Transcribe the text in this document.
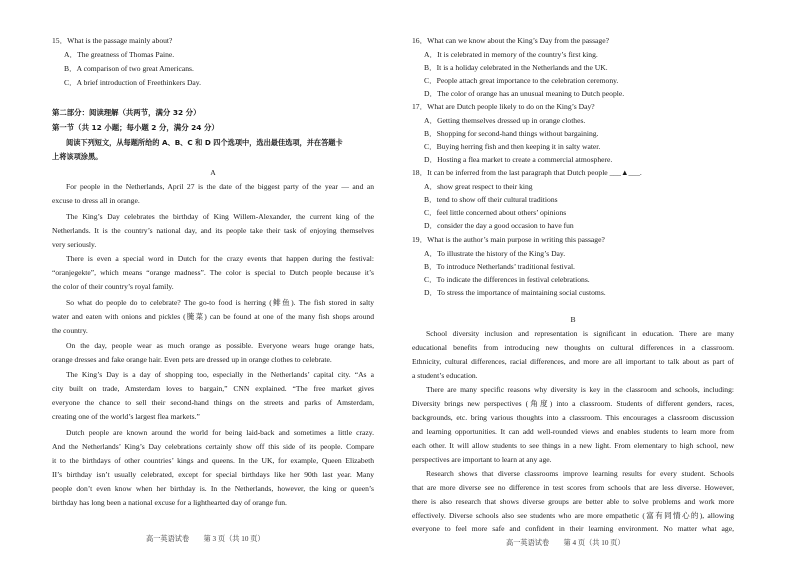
15．What is the passage mainly about?
A．The greatness of Thomas Paine.
B．A comparison of two great Americans.
C．A brief introduction of Freethinkers Day.
第二部分：阅读理解（共两节，满分 32 分）
第一节（共 12 小题；每小题 2 分，满分 24 分）
阅读下列短文，从每题所给的 A、B、C 和 D 四个选项中，选出最佳选项，并在答题卡
上将该项涂黑。
A
For people in the Netherlands, April 27 is the date of the biggest party of the year — and an
excuse to dress all in orange.
The King’s Day celebrates the birthday of King Willem-Alexander, the current king of the
Netherlands. It is the country’s national day, and its people take their task of enjoying themselves
very seriously.
There is even a special word in Dutch for the crazy events that happen during the festival:
“oranjegekte”, which means “orange madness”. The color is special to Dutch people because it’s
the color of their country’s royal family.
So what do people do to celebrate? The go-to food is herring (鲱鱼). The fish stored in salty
water and eaten with onions and pickles (腌菜) can be found at one of the many fish shops around
the country.
On the day, people wear as much orange as possible. Everyone wears huge orange hats,
orange dresses and fake orange hair. Even pets are dressed up in orange clothes to celebrate.
The King’s Day is a day of shopping too, especially in the Netherlands’ capital city. “As a
city built on trade, Amsterdam loves to bargain,” CNN explained. “The free market gives
everyone the chance to sell their second-hand things on the streets and parks of Amsterdam,
creating one of the world’s largest flea markets.”
Dutch people are known around the world for being laid-back and sometimes a little crazy.
And the Netherlands’ King’s Day celebrations certainly show off this side of its people. Compare
it to the birthdays of other countries’ kings and queens. In the UK, for example, Queen Elizabeth
II’s birthday isn’t usually celebrated, except for special birthdays like her 90th last year. Many
people don’t even know when her birthday is. In the Netherlands, however, the king or queen’s
birthday has long been a national excuse for a lighthearted day of orange fun.
高一英语试卷　　第 3 页（共 10 页）
16．What can we know about the King’s Day from the passage?
A．It is celebrated in memory of the country’s first king.
B．It is a holiday celebrated in the Netherlands and the UK.
C．People attach great importance to the celebration ceremony.
D．The color of orange has an unusual meaning to Dutch people.
17．What are Dutch people likely to do on the King’s Day?
A．Getting themselves dressed up in orange clothes.
B．Shopping for second-hand things without bargaining.
C．Buying herring fish and then keeping it in salty water.
D．Hosting a flea market to create a commercial atmosphere.
18．It can be inferred from the last paragraph that Dutch people ___▲___.
A．show great respect to their king
B．tend to show off their cultural traditions
C．feel little concerned about others’ opinions
D．consider the day a good occasion to have fun
19．What is the author’s main purpose in writing this passage?
A．To illustrate the history of the King’s Day.
B．To introduce Netherlands’ traditional festival.
C．To indicate the differences in festival celebrations.
D．To stress the importance of maintaining social customs.
B
School diversity inclusion and representation is significant in education. There are many
educational benefits from introducing new thoughts on cultural differences in a classroom.
Ethnicity, cultural differences, racial differences, and more are all important to talk about as part of
a student’s education.
There are many specific reasons why diversity is key in the classroom and schools, including:
Diversity brings new perspectives (角度) into a classroom. Students of different genders, races,
backgrounds, etc. bring various thoughts into a classroom. This encourages a classroom discussion
and learning opportunities. It can add well-rounded views and enables students to learn more from
each other. It will allow students to see things in a new light. From elementary to high school, new
perspectives are important to learn at any age.
Research shows that diverse classrooms improve learning results for every student. Schools
that are more diverse see no difference in test scores from schools that are less diverse. However,
there is also research that shows diverse groups are better able to solve problems and work more
effectively. Diverse schools also see students who are more empathetic (富有同情心的), allowing
everyone to feel more safe and confident in their learning environment. No matter what age,
高一英语试卷　　第 4 页（共 10 页）
